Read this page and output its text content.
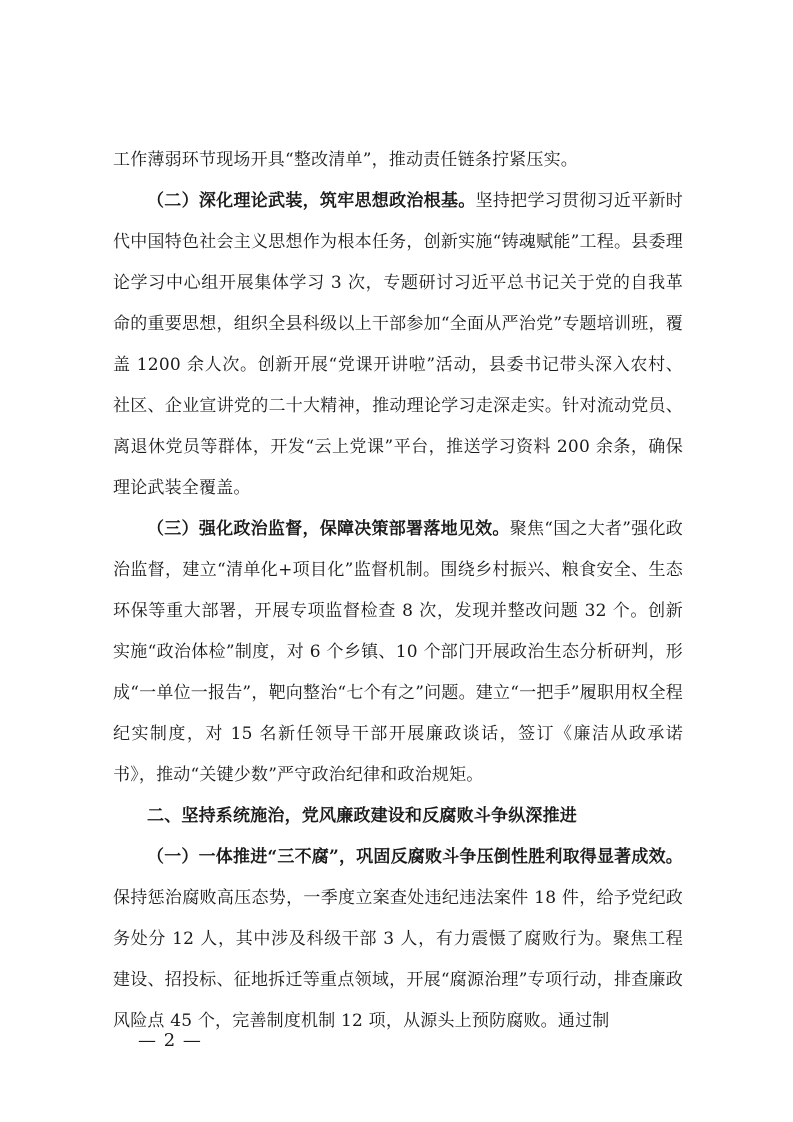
工作薄弱环节现场开具“整改清单”，推动责任链条拧紧压实。

（二）深化理论武装，筑牢思想政治根基。坚持把学习贯彻习近平新时代中国特色社会主义思想作为根本任务，创新实施“铸魂赋能”工程。县委理论学习中心组开展集体学习 3 次，专题研讨习近平总书记关于党的自我革命的重要思想，组织全县科级以上干部参加“全面从严治党”专题培训班，覆盖 1200 余人次。创新开展“党课开讲啦”活动，县委书记带头深入农村、社区、企业宣讲党的二十大精神，推动理论学习走深走实。针对流动党员、离退休党员等群体，开发“云上党课”平台，推送学习资料 200 余条，确保理论武装全覆盖。

（三）强化政治监督，保障决策部署落地见效。聚焦“国之大者”强化政治监督，建立“清单化+项目化”监督机制。围绕乡村振兴、粮食安全、生态环保等重大部署，开展专项监督检查 8 次，发现并整改问题 32 个。创新实施“政治体检”制度，对 6 个乡镇、10 个部门开展政治生态分析研判，形成“一单位一报告”，靶向整治“七个有之”问题。建立“一把手”履职用权全程纪实制度，对 15 名新任领导干部开展廉政谈话，签订《廉洁从政承诺书》，推动“关键少数”严守政治纪律和政治规矩。

二、坚持系统施治，党风廉政建设和反腐败斗争纵深推进

（一）一体推进“三不腐”，巩固反腐败斗争压倒性胜利取得显著成效。保持惩治腐败高压态势，一季度立案查处违纪违法案件 18 件，给予党纪政务处分 12 人，其中涉及科级干部 3 人，有力震慑了腐败行为。聚焦工程建设、招投标、征地拆迁等重点领域，开展“腐源治理”专项行动，排查廉政风险点 45 个，完善制度机制 12 项，从源头上预防腐败。通过制

— 2 —
